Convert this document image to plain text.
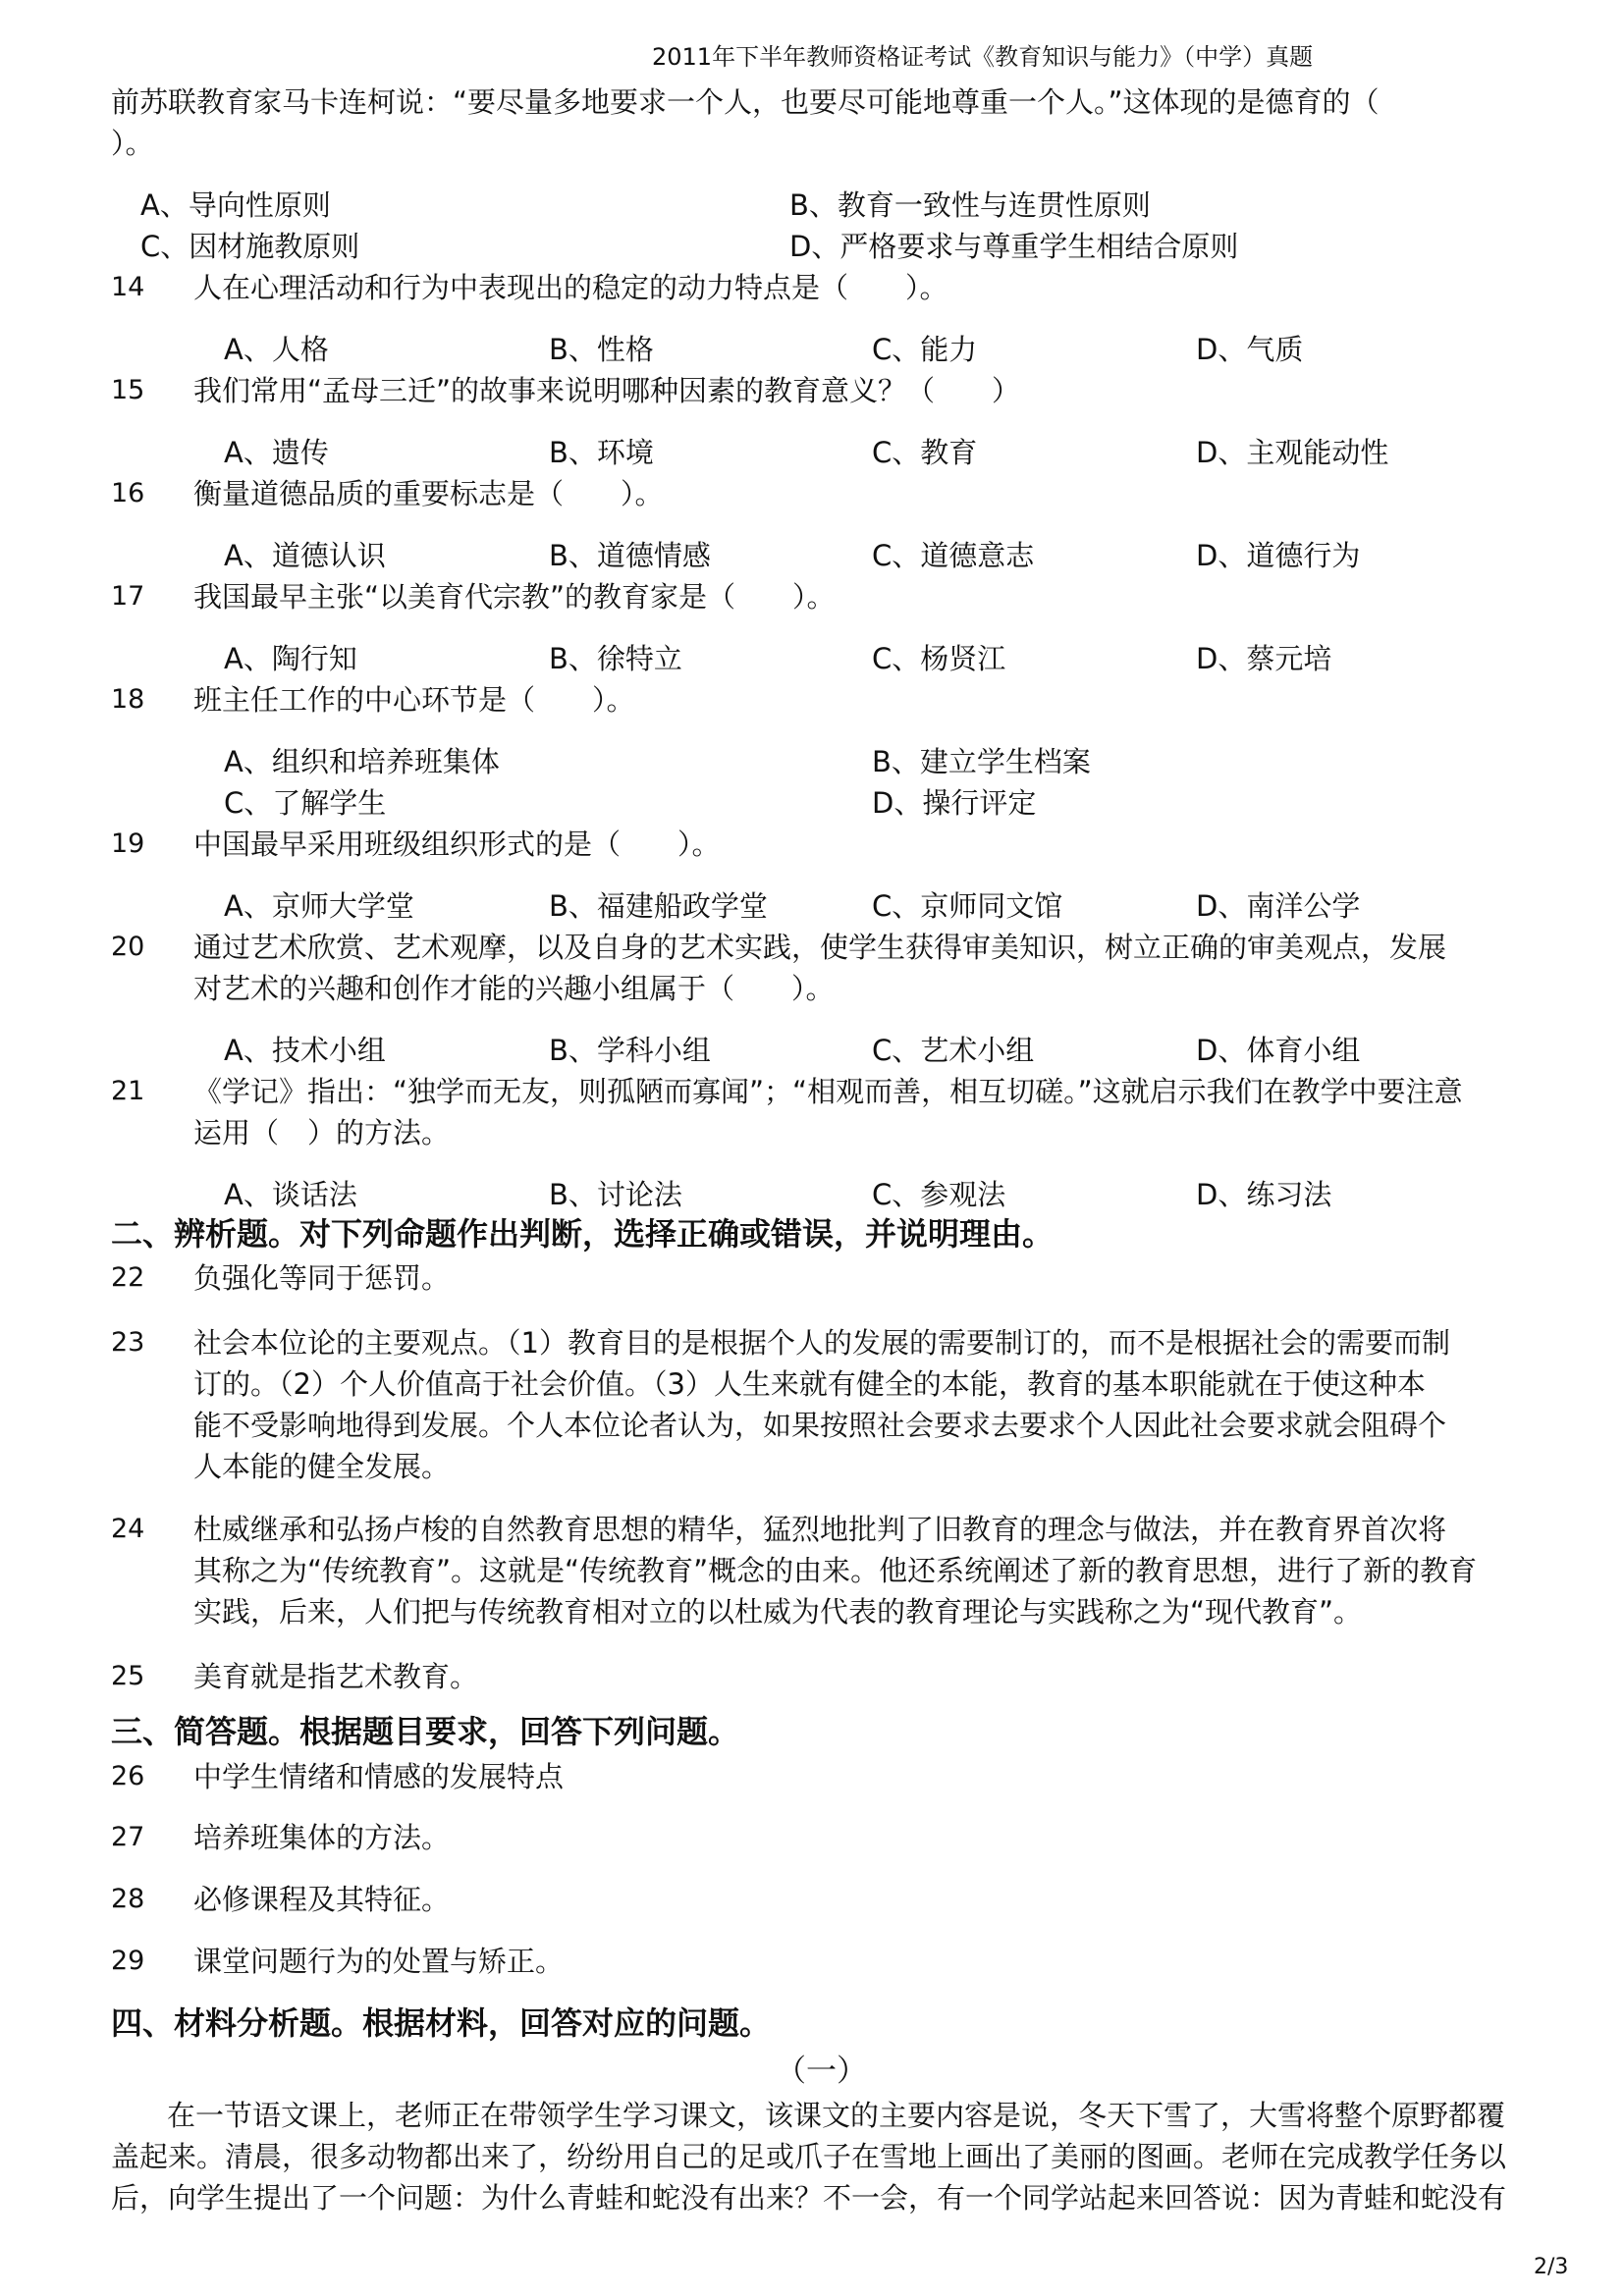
2011年下半年教师资格证考试《教育知识与能力》（中学）真题
前苏联教育家马卡连柯说：“要尽量多地要求一个人，也要尽可能地尊重一个人。”这体现的是德育的（
）。
A、导向性原则	B、教育一致性与连贯性原则
C、因材施教原则	D、严格要求与尊重学生相结合原则
14 人在心理活动和行为中表现出的稳定的动力特点是（　　）。
A、人格	B、性格	C、能力	D、气质
15 我们常用“孟母三迁”的故事来说明哪种因素的教育意义？（　　）
A、遗传	B、环境	C、教育	D、主观能动性
16 衡量道德品质的重要标志是（　　）。
A、道德认识	B、道德情感	C、道德意志	D、道德行为
17 我国最早主张“以美育代宗教”的教育家是（　　）。
A、陶行知	B、徐特立	C、杨贤江	D、蔡元培
18 班主任工作的中心环节是（　　）。
A、组织和培养班集体	B、建立学生档案
C、了解学生	D、操行评定
19 中国最早采用班级组织形式的是（　　）。
A、京师大学堂	B、福建船政学堂	C、京师同文馆	D、南洋公学
20 通过艺术欣赏、艺术观摩，以及自身的艺术实践，使学生获得审美知识，树立正确的审美观点，发展
对艺术的兴趣和创作才能的兴趣小组属于（　　）。
A、技术小组	B、学科小组	C、艺术小组	D、体育小组
21 《学记》指出：“独学而无友，则孤陋而寡闻”；“相观而善，相互切磋。”这就启示我们在教学中要注意
运用（　）的方法。
A、谈话法	B、讨论法	C、参观法	D、练习法
二、辨析题。对下列命题作出判断，选择正确或错误，并说明理由。
22 负强化等同于惩罚。
23 社会本位论的主要观点。（1）教育目的是根据个人的发展的需要制订的，而不是根据社会的需要而制
订的。（2）个人价值高于社会价值。（3）人生来就有健全的本能，教育的基本职能就在于使这种本
能不受影响地得到发展。个人本位论者认为，如果按照社会要求去要求个人因此社会要求就会阻碍个
人本能的健全发展。
24 杜威继承和弘扬卢梭的自然教育思想的精华，猛烈地批判了旧教育的理念与做法，并在教育界首次将
其称之为“传统教育”。这就是“传统教育”概念的由来。他还系统阐述了新的教育思想，进行了新的教育
实践，后来，人们把与传统教育相对立的以杜威为代表的教育理论与实践称之为“现代教育”。
25 美育就是指艺术教育。
三、简答题。根据题目要求，回答下列问题。
26 中学生情绪和情感的发展特点
27 培养班集体的方法。
28 必修课程及其特征。
29 课堂问题行为的处置与矫正。
四、材料分析题。根据材料，回答对应的问题。
（一）
在一节语文课上，老师正在带领学生学习课文，该课文的主要内容是说，冬天下雪了，大雪将整个原野都覆
盖起来。清晨，很多动物都出来了，纷纷用自己的足或爪子在雪地上画出了美丽的图画。老师在完成教学任务以
后，向学生提出了一个问题：为什么青蛙和蛇没有出来？不一会，有一个同学站起来回答说：因为青蛙和蛇没有
2/3
